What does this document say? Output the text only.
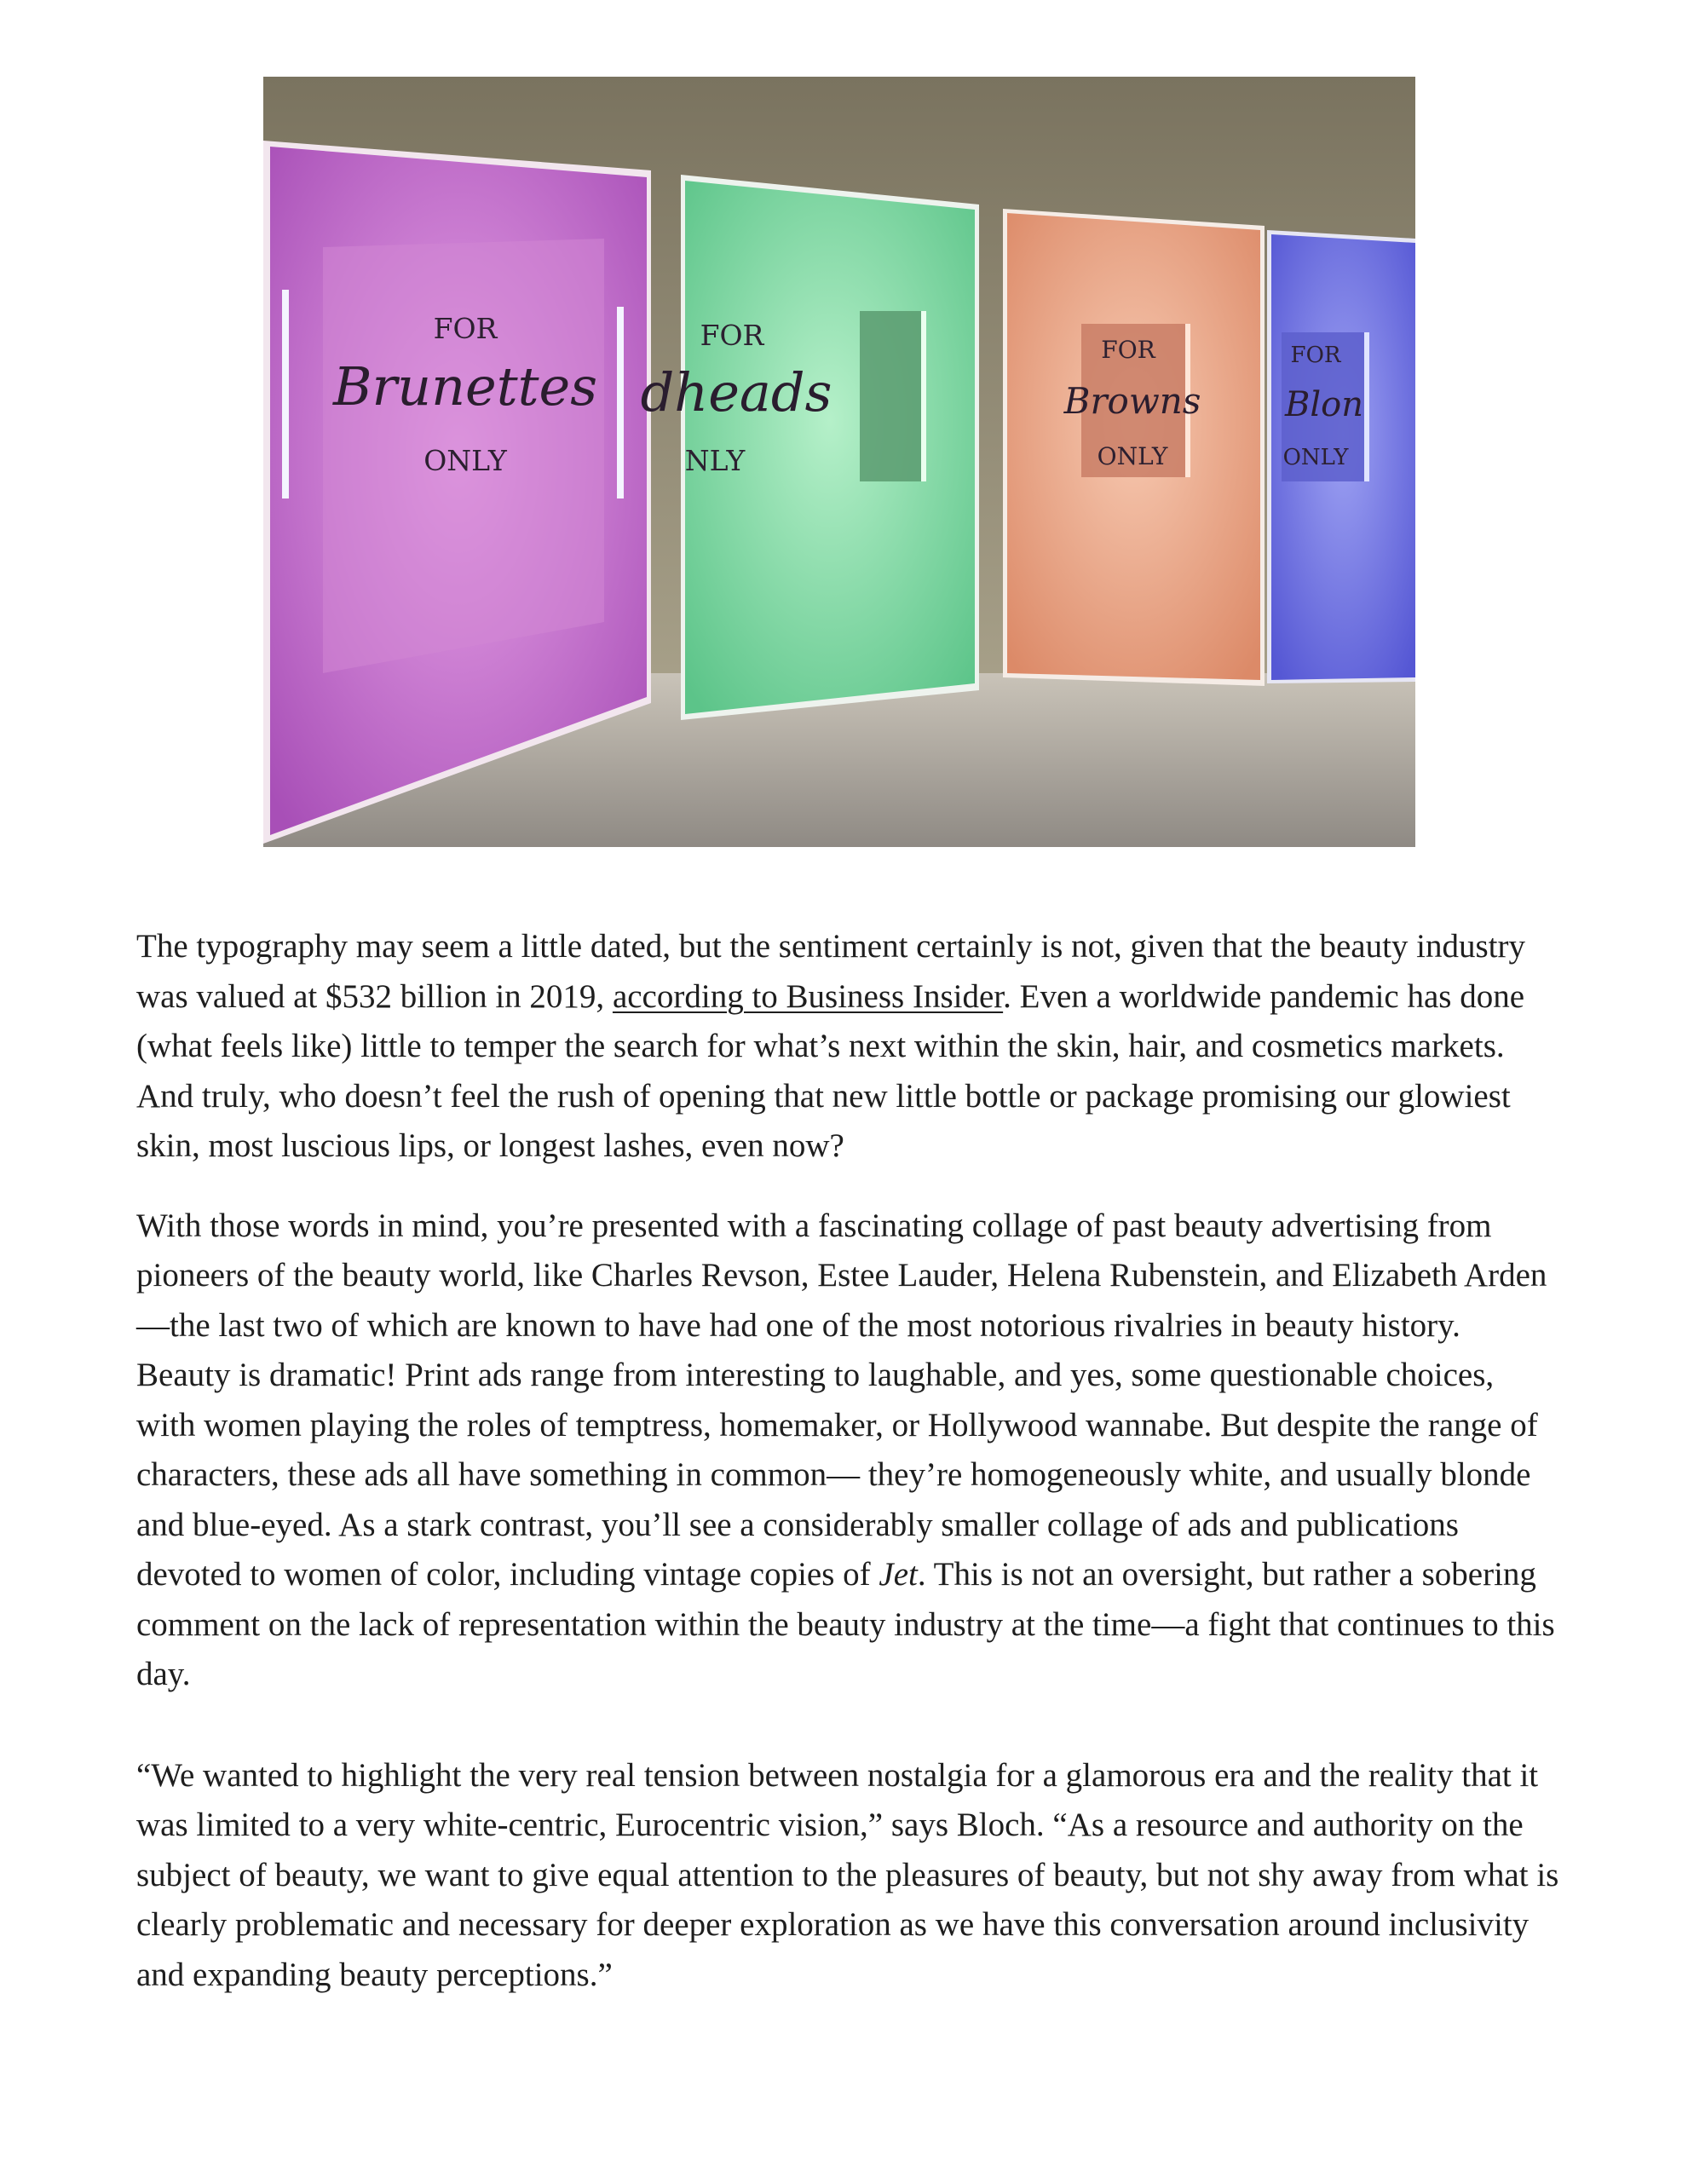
FOR
Brunettes
ONLY
FOR
dheads
NLY
FOR
Browns
ONLY
FOR
Blon
ONLY

The typography may seem a little dated, but the sentiment certainly is not, given that the beauty industry was valued at $532 billion in 2019, according to Business Insider. Even a worldwide pandemic has done (what feels like) little to temper the search for what’s next within the skin, hair, and cosmetics markets. And truly, who doesn’t feel the rush of opening that new little bottle or package promising our glowiest skin, most luscious lips, or longest lashes, even now?

With those words in mind, you’re presented with a fascinating collage of past beauty advertising from pioneers of the beauty world, like Charles Revson, Estee Lauder, Helena Rubenstein, and Elizabeth Arden—the last two of which are known to have had one of the most notorious rivalries in beauty history. Beauty is dramatic! Print ads range from interesting to laughable, and yes, some questionable choices, with women playing the roles of temptress, homemaker, or Hollywood wannabe. But despite the range of characters, these ads all have something in common— they’re homogeneously white, and usually blonde and blue-eyed. As a stark contrast, you’ll see a considerably smaller collage of ads and publications devoted to women of color, including vintage copies of Jet. This is not an oversight, but rather a sobering comment on the lack of representation within the beauty industry at the time—a fight that continues to this day.

“We wanted to highlight the very real tension between nostalgia for a glamorous era and the reality that it was limited to a very white-centric, Eurocentric vision,” says Bloch. “As a resource and authority on the subject of beauty, we want to give equal attention to the pleasures of beauty, but not shy away from what is clearly problematic and necessary for deeper exploration as we have this conversation around inclusivity and expanding beauty perceptions.”
